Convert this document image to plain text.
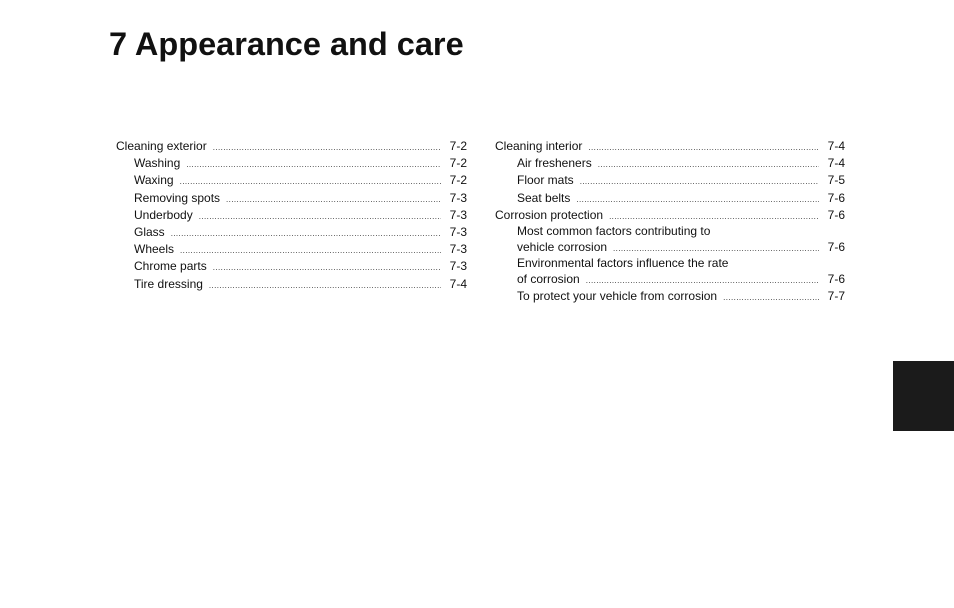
7 Appearance and care
Cleaning exterior .....	7-2
Washing .....	7-2
Waxing .....	7-2
Removing spots .....	7-3
Underbody .....	7-3
Glass .....	7-3
Wheels .....	7-3
Chrome parts .....	7-3
Tire dressing .....	7-4
Cleaning interior .....	7-4
Air fresheners .....	7-4
Floor mats .....	7-5
Seat belts .....	7-6
Corrosion protection .....	7-6
Most common factors contributing to
vehicle corrosion .....	7-6
Environmental factors influence the rate
of corrosion .....	7-6
To protect your vehicle from corrosion .....	7-7
